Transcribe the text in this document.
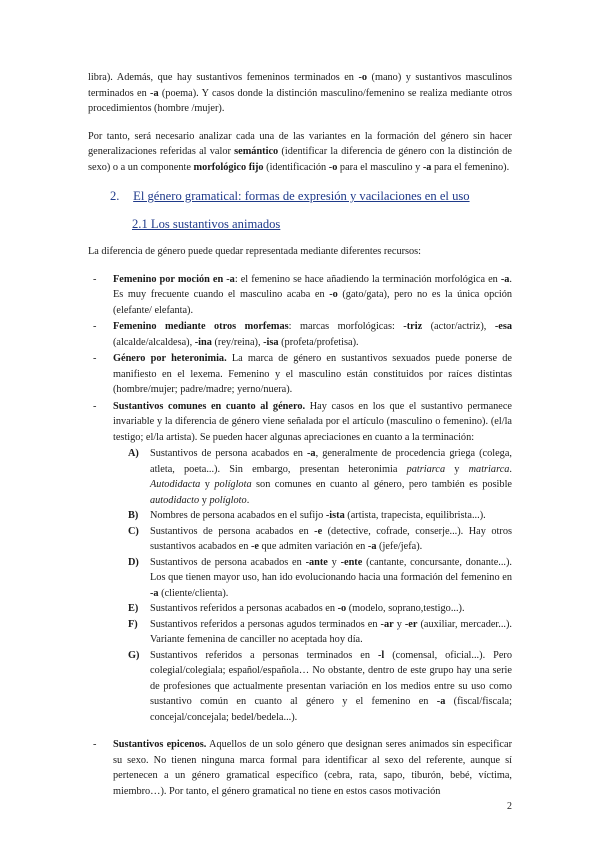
libra). Además, que hay sustantivos femeninos terminados en -o (mano) y sustantivos masculinos terminados en -a (poema). Y casos donde la distinción masculino/femenino se realiza mediante otros procedimientos (hombre /mujer).

Por tanto, será necesario analizar cada una de las variantes en la formación del género sin hacer generalizaciones referidas al valor semántico (identificar la diferencia de género con la distinción de sexo) o a un componente morfológico fijo (identificación -o para el masculino y -a para el femenino).

2. El género gramatical: formas de expresión y vacilaciones en el uso
2.1 Los sustantivos animados

La diferencia de género puede quedar representada mediante diferentes recursos:

- Femenino por moción en -a: el femenino se hace añadiendo la terminación morfológica en -a. Es muy frecuente cuando el masculino acaba en -o (gato/gata), pero no es la única opción (elefante/ elefanta).
- Femenino mediante otros morfemas: marcas morfológicas: -triz (actor/actriz), -esa (alcalde/alcaldesa), -ina (rey/reina), -isa (profeta/profetisa).
- Género por heteronimia. La marca de género en sustantivos sexuados puede ponerse de manifiesto en el lexema. Femenino y el masculino están constituidos por raíces distintas (hombre/mujer; padre/madre; yerno/nuera).
- Sustantivos comunes en cuanto al género. Hay casos en los que el sustantivo permanece invariable y la diferencia de género viene señalada por el artículo (masculino o femenino). (el/la testigo; el/la artista). Se pueden hacer algunas apreciaciones en cuanto a la terminación:
A) Sustantivos de persona acabados en -a, generalmente de procedencia griega (colega, atleta, poeta...). Sin embargo, presentan heteronimia patriarca y matriarca. Autodidacta y políglota son comunes en cuanto al género, pero también es posible autodidacto y polígloto.
B) Nombres de persona acabados en el sufijo -ista (artista, trapecista, equilibrista...).
C) Sustantivos de persona acabados en -e (detective, cofrade, conserje...). Hay otros sustantivos acabados en -e que admiten variación en -a (jefe/jefa).
D) Sustantivos de persona acabados en -ante y -ente (cantante, concursante, donante...). Los que tienen mayor uso, han ido evolucionando hacia una formación del femenino en -a (cliente/clienta).
E) Sustantivos referidos a personas acabados en -o (modelo, soprano,testigo...).
F) Sustantivos referidos a personas agudos terminados en -ar y -er (auxiliar, mercader...). Variante femenina de canciller no aceptada hoy día.
G) Sustantivos referidos a personas terminados en -l (comensal, oficial...). Pero colegial/colegiala; español/española… No obstante, dentro de este grupo hay una serie de profesiones que actualmente presentan variación en los medios entre su uso como sustantivo común en cuanto al género y el femenino en -a (fiscal/fiscala; concejal/concejala; bedel/bedela...).
- Sustantivos epicenos. Aquellos de un solo género que designan seres animados sin especificar su sexo. No tienen ninguna marca formal para identificar al sexo del referente, aunque sí pertenecen a un género gramatical específico (cebra, rata, sapo, tiburón, bebé, víctima, miembro…). Por tanto, el género gramatical no tiene en estos casos motivación
2
